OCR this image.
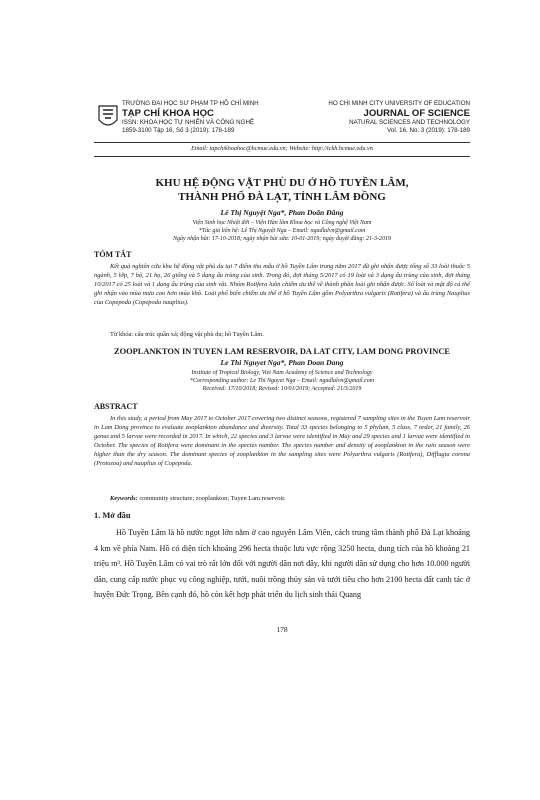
TRƯỜNG ĐẠI HỌC SƯ PHẠM TP HỒ CHÍ MINH
TẠP CHÍ KHOA HỌC
ISSN: KHOA HỌC TỰ NHIÊN VÀ CÔNG NGHỆ
1859-3100 Tập 16, Số 3 (2019): 178-189
HO CHI MINH CITY UNIVERSITY OF EDUCATION
JOURNAL OF SCIENCE
NATURAL SCIENCES AND TECHNOLOGY
Vol. 16, No. 3 (2019): 178-189
Email: tapchikhoahoc@hcmue.edu.vn; Website: http://tckh.hcmue.edu.vn
KHU HỆ ĐỘNG VẬT PHÙ DU Ở HỒ TUYỀN LÂM,
THÀNH PHỐ ĐÀ LẠT, TỈNH LÂM ĐỒNG
Lê Thị Nguyệt Nga*, Phan Doãn Đăng
Viện Sinh học Nhiệt đới – Viện Hàn lâm Khoa học và Công nghệ Việt Nam
*Tác giả liên hệ: Lê Thị Nguyệt Nga – Email: ngadlalvn@gmail.com
Ngày nhận bài: 17-10-2018; ngày nhận bài sửa: 10-01-2019; ngày duyệt đăng: 21-3-2019
TÓM TẮT
Kết quả nghiên cứu khu hệ động vật phù du tại 7 điểm thu mẫu ở hồ Tuyền Lâm trong năm 2017 đã ghi nhận được tổng số 33 loài thuộc 5 ngành, 5 lớp, 7 bộ, 21 họ, 26 giống và 5 dạng ấu trùng của sinh. Trong đó, đợt tháng 5/2017 có 19 loài và 3 dạng ấu trùng của sinh, đợt tháng 10/2017 có 25 loài và 1 dạng ấu trùng của sinh vật. Nhóm Rotifera luôn chiếm ưu thế về thành phần loài ghi nhận được. Số loài và mật độ cá thể ghi nhận vào mùa mưa cao hơn mùa khô. Loài phổ biến chiếm ưu thế ở hồ Tuyền Lâm gồm Polyarthra vulgaris (Rotifera) và ấu trùng Nauplius của Copepoda (Copepoda nauplius).
Từ khóa: cấu trúc quần xã; động vật phù du; hồ Tuyền Lâm.
ZOOPLANKTON IN TUYEN LAM RESERVOIR, DA LAT CITY, LAM DONG PROVINCE
Le Thi Nguyet Nga*, Phan Doan Dang
Institute of Tropical Biology, Viet Nam Academy of Science and Technology
*Corresponding author: Le Thi Nguyet Nga – Email: ngadlalvn@gmail.com
Received: 17/10/2018; Revised: 10/01/2019; Accepted: 21/3/2019
ABSTRACT
In this study, a period from May 2017 to October 2017 covering two distinct seasons, registered 7 sampling sites in the Tuyen Lam reservoir in Lam Dong province to evaluate zooplankton abundance and diversity. Total 33 species belonging to 5 phylum, 5 class, 7 order, 21 family, 26 genus and 5 larvae were recorded in 2017. In which, 22 species and 3 larvae were identified in May and 29 species and 1 larvae were identified in October. The species of Rotifera were dominant in the species number. The species number and density of zooplankton in the rain season were higher than the dry season. The dominant species of zooplankton in the sampling sites were Polyarthra vulgaris (Rotifera), Difflugia corona (Protozoa) and nauplius of Copepoda.
Keywords: community structure; zooplankton; Tuyen Lam reservoir.
1. Mở đầu
Hồ Tuyền Lâm là hồ nước ngọt lớn nằm ở cao nguyên Lâm Viên, cách trung tâm thành phố Đà Lạt khoảng 4 km về phía Nam. Hồ có diện tích khoảng 296 hecta thuộc lưu vực rộng 3250 hecta, dung tích của hồ khoảng 21 triệu m³. Hồ Tuyền Lâm có vai trò rất lớn đối với người dân nơi đây, khi người dân sử dụng cho hơn 10.000 người dân, cung cấp nước phục vụ công nghiệp, tưới, nuôi trồng thủy sản và tưới tiêu cho hơn 2100 hecta đất canh tác ở huyện Đức Trọng. Bên cạnh đó, hồ còn kết hợp phát triển du lịch sinh thái Quang
178
